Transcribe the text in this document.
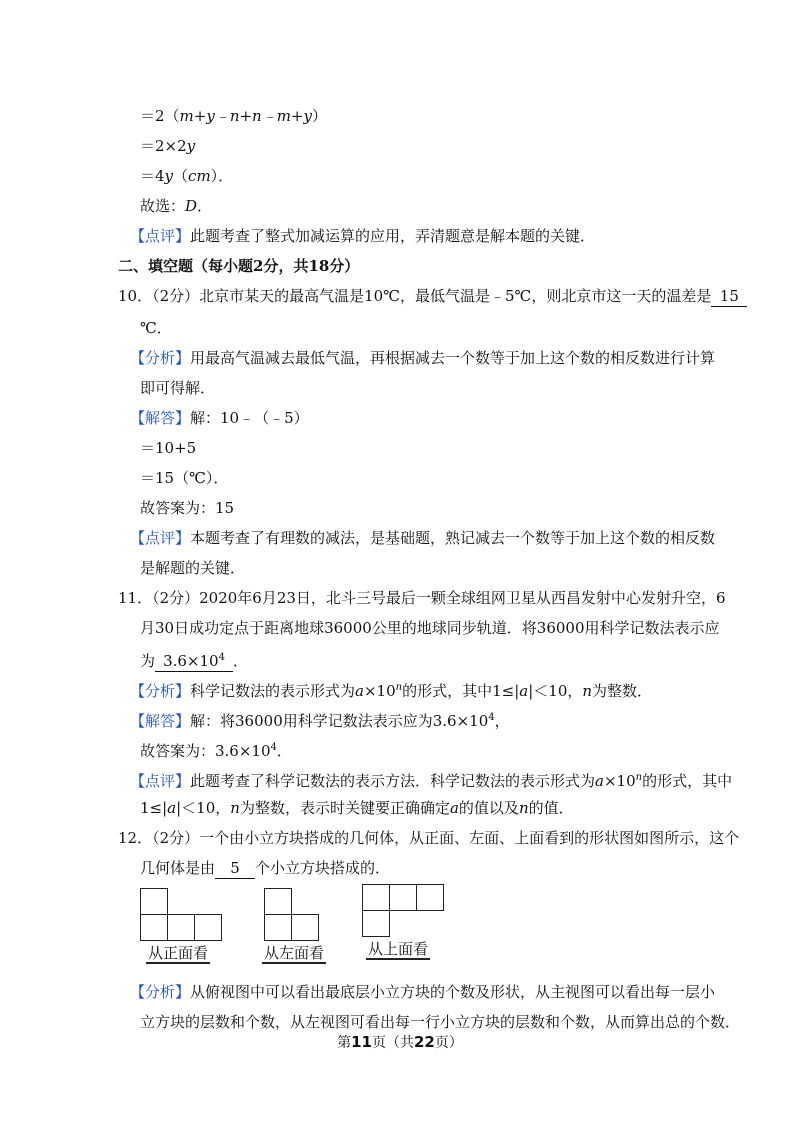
＝2（m+y﹣n+n﹣m+y）
＝2×2y
＝4y（cm）．
故选：D．
【点评】此题考查了整式加减运算的应用，弄清题意是解本题的关键．
二、填空题（每小题2分，共18分）
10．（2分）北京市某天的最高气温是10℃，最低气温是﹣5℃，则北京市这一天的温差是 15
℃．
【分析】用最高气温减去最低气温，再根据减去一个数等于加上这个数的相反数进行计算
即可得解．
【解答】解：10﹣（﹣5）
＝10+5
＝15（℃）．
故答案为：15
【点评】本题考查了有理数的减法，是基础题，熟记减去一个数等于加上这个数的相反数
是解题的关键．
11．（2分）2020年6月23日，北斗三号最后一颗全球组网卫星从西昌发射中心发射升空，6
月30日成功定点于距离地球36000公里的地球同步轨道．将36000用科学记数法表示应
为 $3.6\times 10^4$ ．
【分析】科学记数法的表示形式为$a\times 10^n$的形式，其中1≤|a|＜10，n为整数．
【解答】解：将36000用科学记数法表示应为$3.6\times 10^4$，
故答案为：$3.6\times 10^4$．
【点评】此题考查了科学记数法的表示方法．科学记数法的表示形式为$a\times 10^n$的形式，其中
1≤|a|＜10，n为整数，表示时关键要正确确定a的值以及n的值．
12．（2分）一个由小立方块搭成的几何体，从正面、左面、上面看到的形状图如图所示，这个
几何体是由 5 个小立方块搭成的．
从正面看	从左面看	从上面看
【分析】从俯视图中可以看出最底层小立方块的个数及形状，从主视图可以看出每一层小
立方块的层数和个数，从左视图可看出每一行小立方块的层数和个数，从而算出总的个数．
第11页（共22页）
